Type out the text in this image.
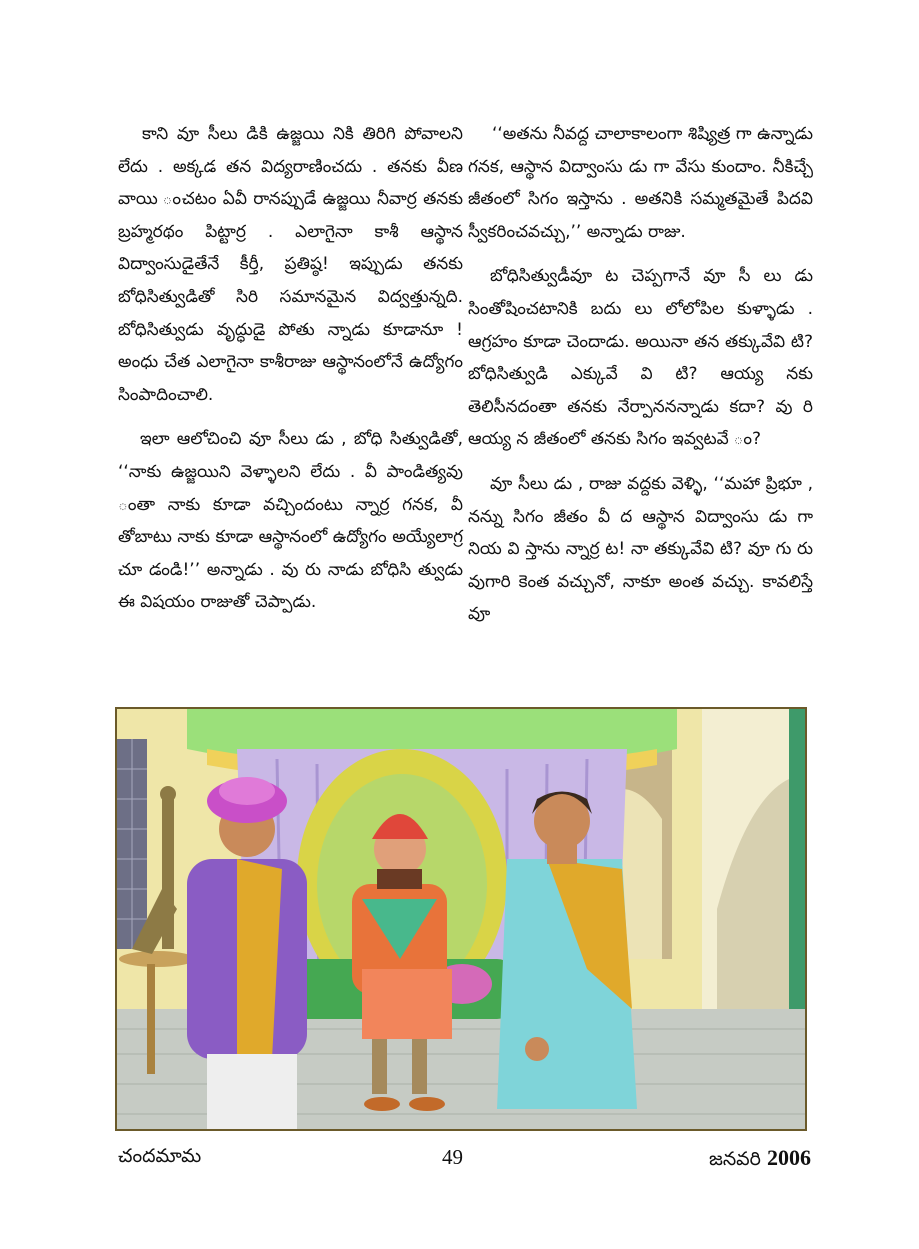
కాని వూ సీలు డికి ఉజ్జయి నికి తిరిగి పోవాలని లేదు . అక్కడ తన విద్యరాణించదు . తనకు వీణ వాయి ంచటం ఏవీ రానప్పుడే ఉజ్జయి నీవార్ర తనకు బ్రహ్మరథం పిట్టార్ర . ఎలాగైనా కాశీ ఆస్థాన విద్వాంసుడైతేనే కీర్తీ, ప్రతిష్ఠ! ఇప్పుడు తనకు బోధిసిత్వుడితో సిరి సమానమైన విద్వత్తున్నది. బోధిసిత్వుడు వృద్ధుడై పోతు న్నాడు కూడానూ ! అంధు చేత ఎలాగైనా కాశీరాజు ఆస్థానంలోనే ఉద్యోగం సింపాదించాలి.

ఇలా ఆలోచించి వూ సీలు డు , బోధి సిత్వుడితో, ‘‘నాకు ఉజ్జయిని వెళ్ళాలని లేదు . వీ పాండిత్యవు ంతా నాకు కూడా వచ్చిందంటు న్నార్ర గనక, వీ తోబాటు నాకు కూడా ఆస్థానంలో ఉద్యోగం అయ్యేలాగ్ర చూ డండి!’’ అన్నాడు . వు రు నాడు బోధిసి త్వుడు ఈ విషయం రాజుతో చెప్పాడు.

‘‘అతను నీవద్ద చాలాకాలంగా శిష్యిత్ర గా ఉన్నాడు గనక, ఆస్థాన విద్వాంసు డు గా వేసు కుందాం. నీకిచ్చే జీతంలో సిగం ఇస్తాను . అతనికి సమ్మతమైతే పిదవి స్వీకరించవచ్చు,’’ అన్నాడు రాజు.

బోధిసిత్వుడీవూ ట చెప్పగానే వూ సీ లు డు సింతోషించటానికి బదు లు లోలోపిల కుళ్ళాడు . ఆగ్రహం కూడా చెందాడు. అయినా తన తక్కువేవి టి? బోధిసిత్వుడి ఎక్కువే వి టి? ఆయ్య నకు తెలిసీనదంతా తనకు నేర్పాననన్నాడు కదా? వు రి ఆయ్య న జీతంలో తనకు సిగం ఇవ్వటవే ం?

వూ సీలు డు , రాజు వద్దకు వెళ్ళి, ‘‘మహా ప్రిభూ , నన్ను సిగం జీతం వీ ద ఆస్థాన విద్వాంసు డు గా నియ వి స్తాను న్నార్ర ట! నా తక్కువేవి టి? వూ గు రు వుగారి కెంత వచ్చునో, నాకూ అంత వచ్చు. కావలిస్తే వూ

చందమామ	49	జనవరి 2006
